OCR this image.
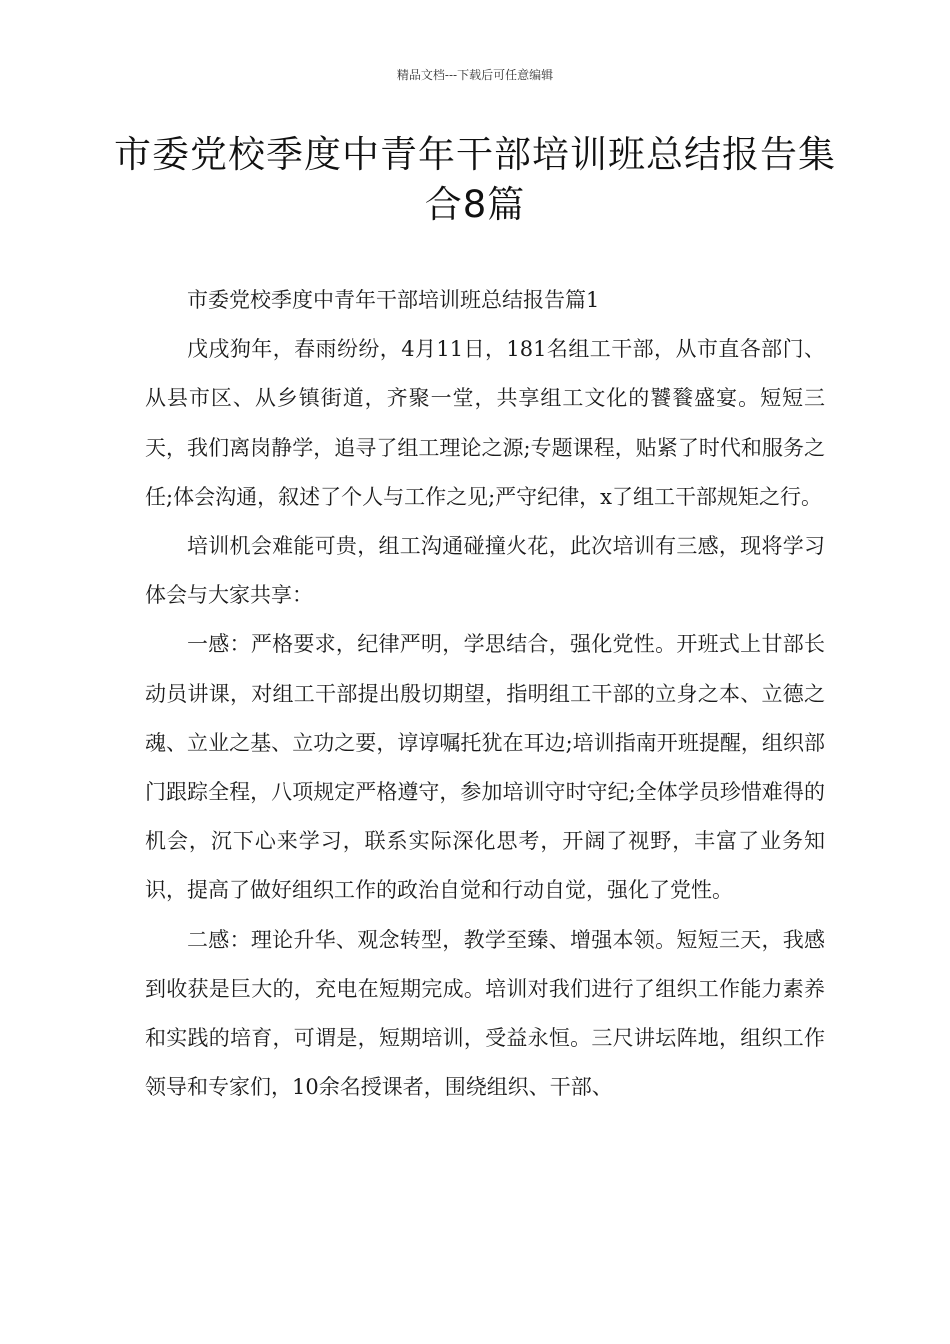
精品文档---下载后可任意编辑
市委党校季度中青年干部培训班总结报告集合8篇

市委党校季度中青年干部培训班总结报告篇1

戊戌狗年，春雨纷纷，4月11日，181名组工干部，从市直各部门、从县市区、从乡镇街道，齐聚一堂，共享组工文化的饕餮盛宴。短短三天，我们离岗静学，追寻了组工理论之源;专题课程，贴紧了时代和服务之任;体会沟通，叙述了个人与工作之见;严守纪律，x了组工干部规矩之行。

培训机会难能可贵，组工沟通碰撞火花，此次培训有三感，现将学习体会与大家共享：

一感：严格要求，纪律严明，学思结合，强化党性。开班式上甘部长动员讲课，对组工干部提出殷切期望，指明组工干部的立身之本、立德之魂、立业之基、立功之要，谆谆嘱托犹在耳边;培训指南开班提醒，组织部门跟踪全程，八项规定严格遵守，参加培训守时守纪;全体学员珍惜难得的机会，沉下心来学习，联系实际深化思考，开阔了视野，丰富了业务知识，提高了做好组织工作的政治自觉和行动自觉，强化了党性。

二感：理论升华、观念转型，教学至臻、增强本领。短短三天，我感到收获是巨大的，充电在短期完成。培训对我们进行了组织工作能力素养和实践的培育，可谓是，短期培训，受益永恒。三尺讲坛阵地，组织工作领导和专家们，10余名授课者，围绕组织、干部、
